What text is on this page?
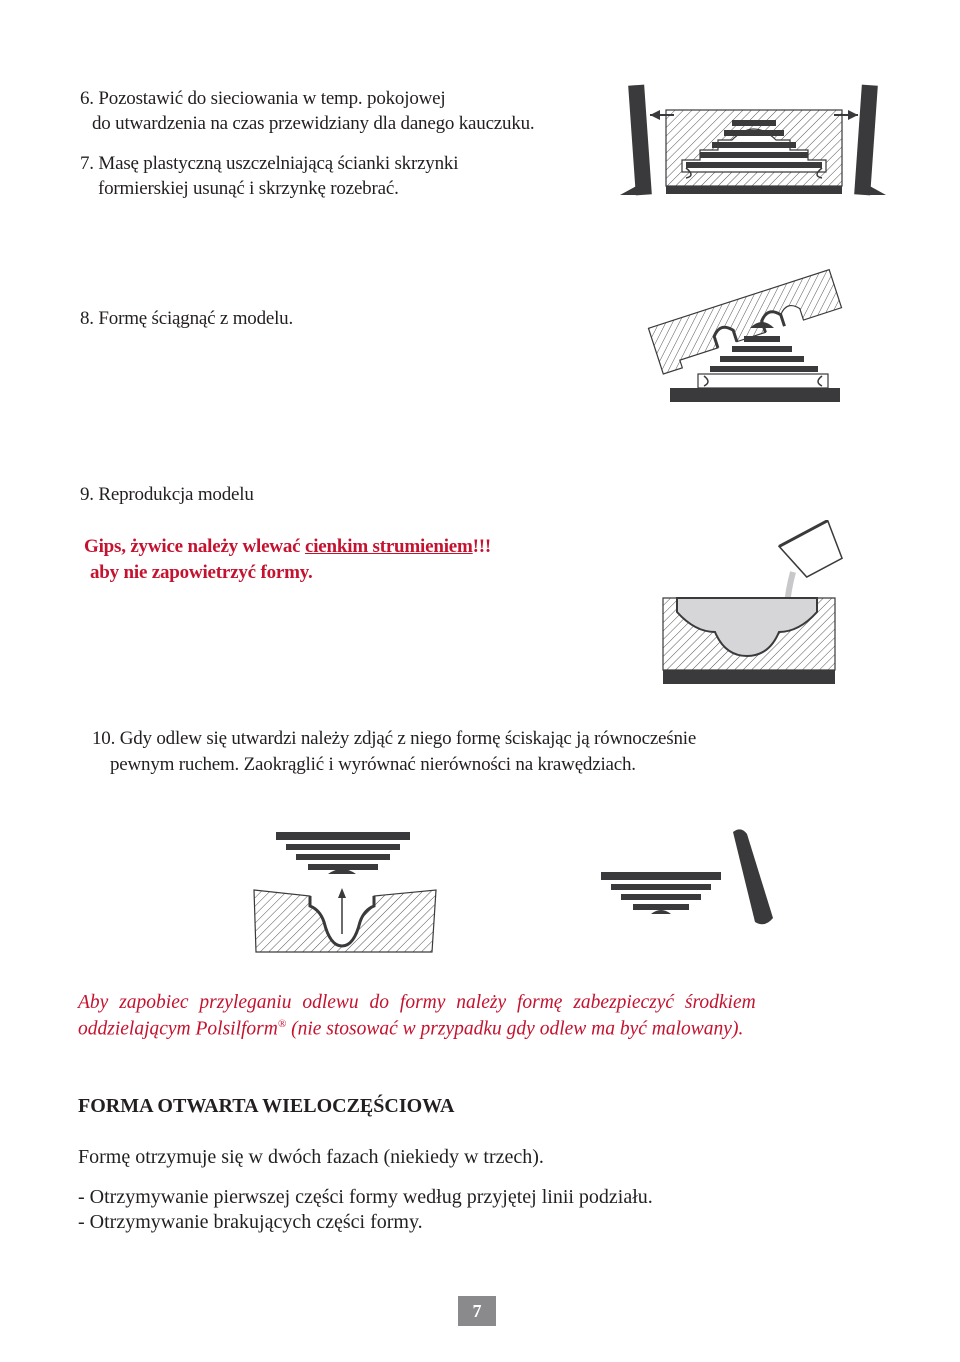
6. Pozostawić do sieciowania w temp. pokojowej
do utwardzenia na czas przewidziany dla danego kauczuku.
7. Masę plastyczną uszczelniającą ścianki skrzynki
formierskiej usunąć i skrzynkę rozebrać.
8. Formę ściągnąć z modelu.
9. Reprodukcja modelu
Gips, żywice należy wlewać cienkim strumieniem!!!
aby nie zapowietrzyć formy.
10. Gdy odlew się utwardzi należy zdjąć z niego formę ściskając ją równocześnie
pewnym ruchem. Zaokrąglić i wyrównać nierówności na krawędziach.
Aby zapobiec przyleganiu odlewu do formy należy formę zabezpieczyć środkiem
oddzielającym Polsilform® (nie stosować w przypadku gdy odlew ma być malowany).
FORMA OTWARTA WIELOCZĘŚCIOWA
Formę otrzymuje się w dwóch fazach (niekiedy w trzech).
- Otrzymywanie pierwszej części formy według przyjętej linii podziału.
- Otrzymywanie brakujących części formy.
7
